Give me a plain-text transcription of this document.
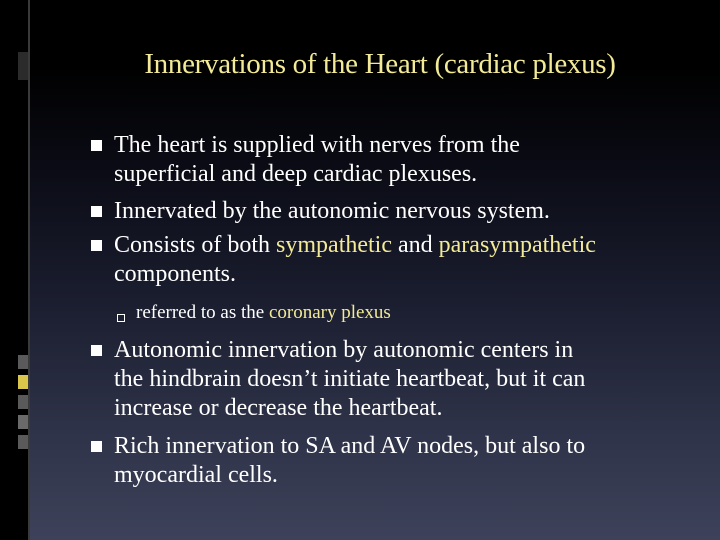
Innervations of the Heart (cardiac plexus)
The heart is supplied with nerves from the
superficial and deep cardiac plexuses.
Innervated by the autonomic nervous system.
Consists of both sympathetic and parasympathetic
components.
referred to as the coronary plexus
Autonomic innervation by autonomic centers in
the hindbrain doesn’t initiate heartbeat, but it can
increase or decrease the heartbeat.
Rich innervation to SA and AV nodes, but also to
myocardial cells.
